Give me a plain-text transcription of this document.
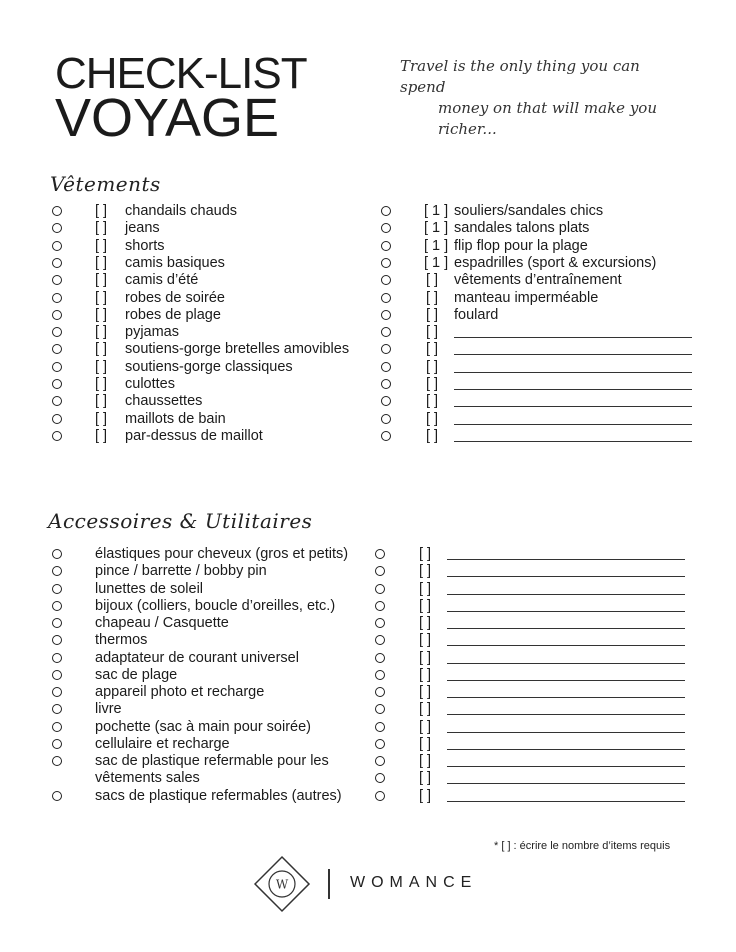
CHECK-LIST
VOYAGE
Travel is the only thing you can spend
money on that will make you richer...
Vêtements
[ ] chandails chauds
[ ] jeans
[ ] shorts
[ ] camis basiques
[ ] camis d’été
[ ] robes de soirée
[ ] robes de plage
[ ] pyjamas
[ ] soutiens-gorge bretelles amovibles
[ ] soutiens-gorge classiques
[ ] culottes
[ ] chaussettes
[ ] maillots de bain
[ ] par-dessus de maillot
[ 1 ] souliers/sandales chics
[ 1 ] sandales talons plats
[ 1 ] flip flop pour la plage
[ 1 ] espadrilles (sport & excursions)
[ ] vêtements d’entraînement
[ ] manteau imperméable
[ ] foulard
[ ]
[ ]
[ ]
[ ]
[ ]
[ ]
[ ]
Accessoires & Utilitaires
élastiques pour cheveux (gros et petits)
pince / barrette / bobby pin
lunettes de soleil
bijoux (colliers, boucle d’oreilles, etc.)
chapeau / Casquette
thermos
adaptateur de courant universel
sac de plage
appareil photo et recharge
livre
pochette (sac à main pour soirée)
cellulaire et recharge
sac de plastique refermable pour les
vêtements sales
sacs de plastique refermables (autres)
[ ]
[ ]
[ ]
[ ]
[ ]
[ ]
[ ]
[ ]
[ ]
[ ]
[ ]
[ ]
[ ]
[ ]
[ ]
* [ ] : écrire le nombre d’items requis
W	WOMANCE
